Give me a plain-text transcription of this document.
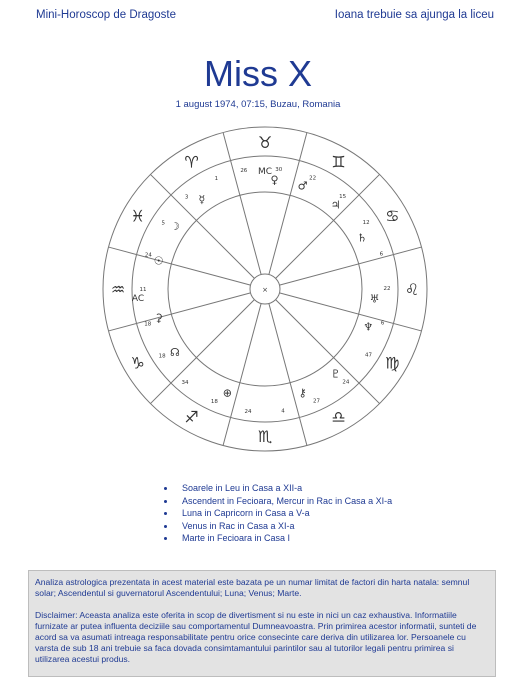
Mini-Horoscop de Dragoste	Ioana trebuie sa ajunga la liceu
Miss X
1 august 1974, 07:15, Buzau, Romania
♈
♉
♊
♋
♌
♍
♎
♏
♐
♑
♒
♓
☉
☽
☿
♀ ♂
♃
♄
♅
♆
♇
⚷
⊕
☊
⚳
26	30
22
15
12
6
22
6
47
24
27
4
24
18
34
18
18
11
24
5
3
1
MC
AC
×
Soarele in Leu in Casa a XII-a
Ascendent in Fecioara, Mercur in Rac in Casa a XI-a
Luna in Capricorn in Casa a V-a
Venus in Rac in Casa a XI-a
Marte in Fecioara in Casa I

Analiza astrologica prezentata in acest material este bazata pe un numar limitat de factori din harta natala: semnul solar; Ascendentul si guvernatorul Ascendentului; Luna; Venus; Marte.

Disclaimer: Aceasta analiza este oferita in scop de divertisment si nu este in nici un caz exhaustiva. Informatiile furnizate ar putea influenta deciziile sau comportamentul Dumneavoastra. Prin primirea acestor informatii, sunteti de acord sa va asumati intreaga responsabilitate pentru orice consecinte care deriva din utilizarea lor. Persoanele cu varsta de sub 18 ani trebuie sa faca dovada consimtamantului parintilor sau al tutorilor legali pentru primirea si utilizarea acestui produs.
